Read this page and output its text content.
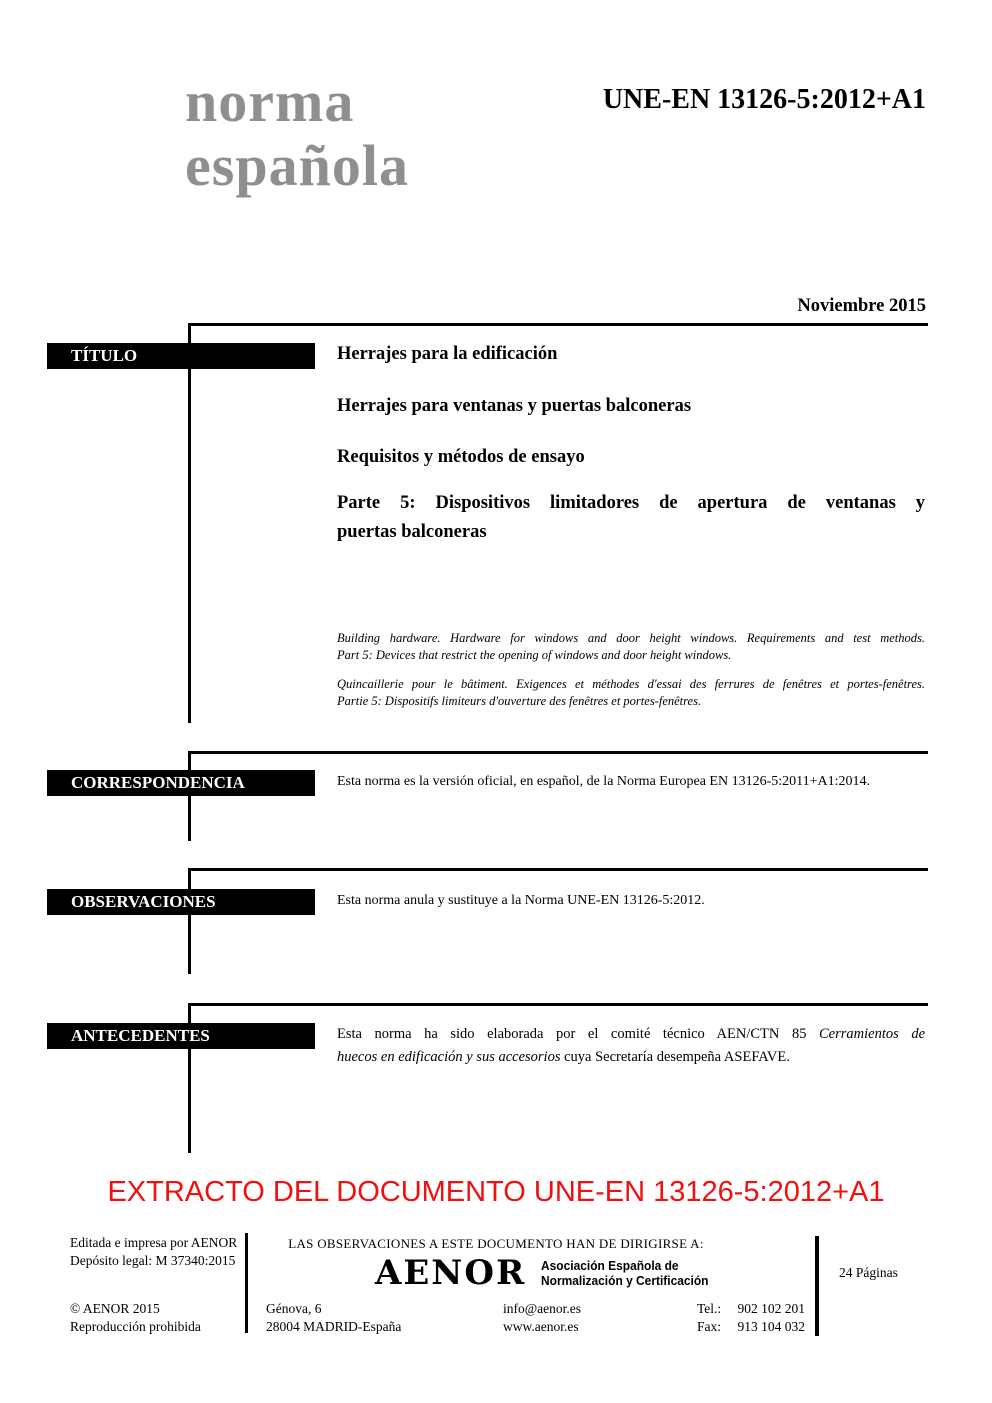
norma
española
UNE-EN 13126-5:2012+A1
Noviembre 2015
TÍTULO
CORRESPONDENCIA
OBSERVACIONES
ANTECEDENTES
Herrajes para la edificación
Herrajes para ventanas y puertas balconeras
Requisitos y métodos de ensayo
Parte 5: Dispositivos limitadores de apertura de ventanas y
puertas balconeras
Building hardware. Hardware for windows and door height windows. Requirements and test methods.
Part 5: Devices that restrict the opening of windows and door height windows.
Quincaillerie pour le bâtiment. Exigences et méthodes d'essai des ferrures de fenêtres et portes-fenêtres.
Partie 5: Dispositifs limiteurs d'ouverture des fenêtres et portes-fenêtres.
Esta norma es la versión oficial, en español, de la Norma Europea EN 13126-5:2011+A1:2014.
Esta norma anula y sustituye a la Norma UNE-EN 13126-5:2012.
Esta norma ha sido elaborada por el comité técnico AEN/CTN 85 Cerramientos de
huecos en edificación y sus accesorios cuya Secretaría desempeña ASEFAVE.
EXTRACTO DEL DOCUMENTO UNE-EN 13126-5:2012+A1
Editada e impresa por AENOR
Depósito legal: M 37340:2015
© AENOR 2015
Reproducción prohibida
LAS OBSERVACIONES A ESTE DOCUMENTO HAN DE DIRIGIRSE A:
AENOR Asociación Española de
Normalización y Certificación
Génova, 6
28004 MADRID-España
info@aenor.es
www.aenor.es
Tel.: 902 102 201
Fax: 913 104 032
24 Páginas
